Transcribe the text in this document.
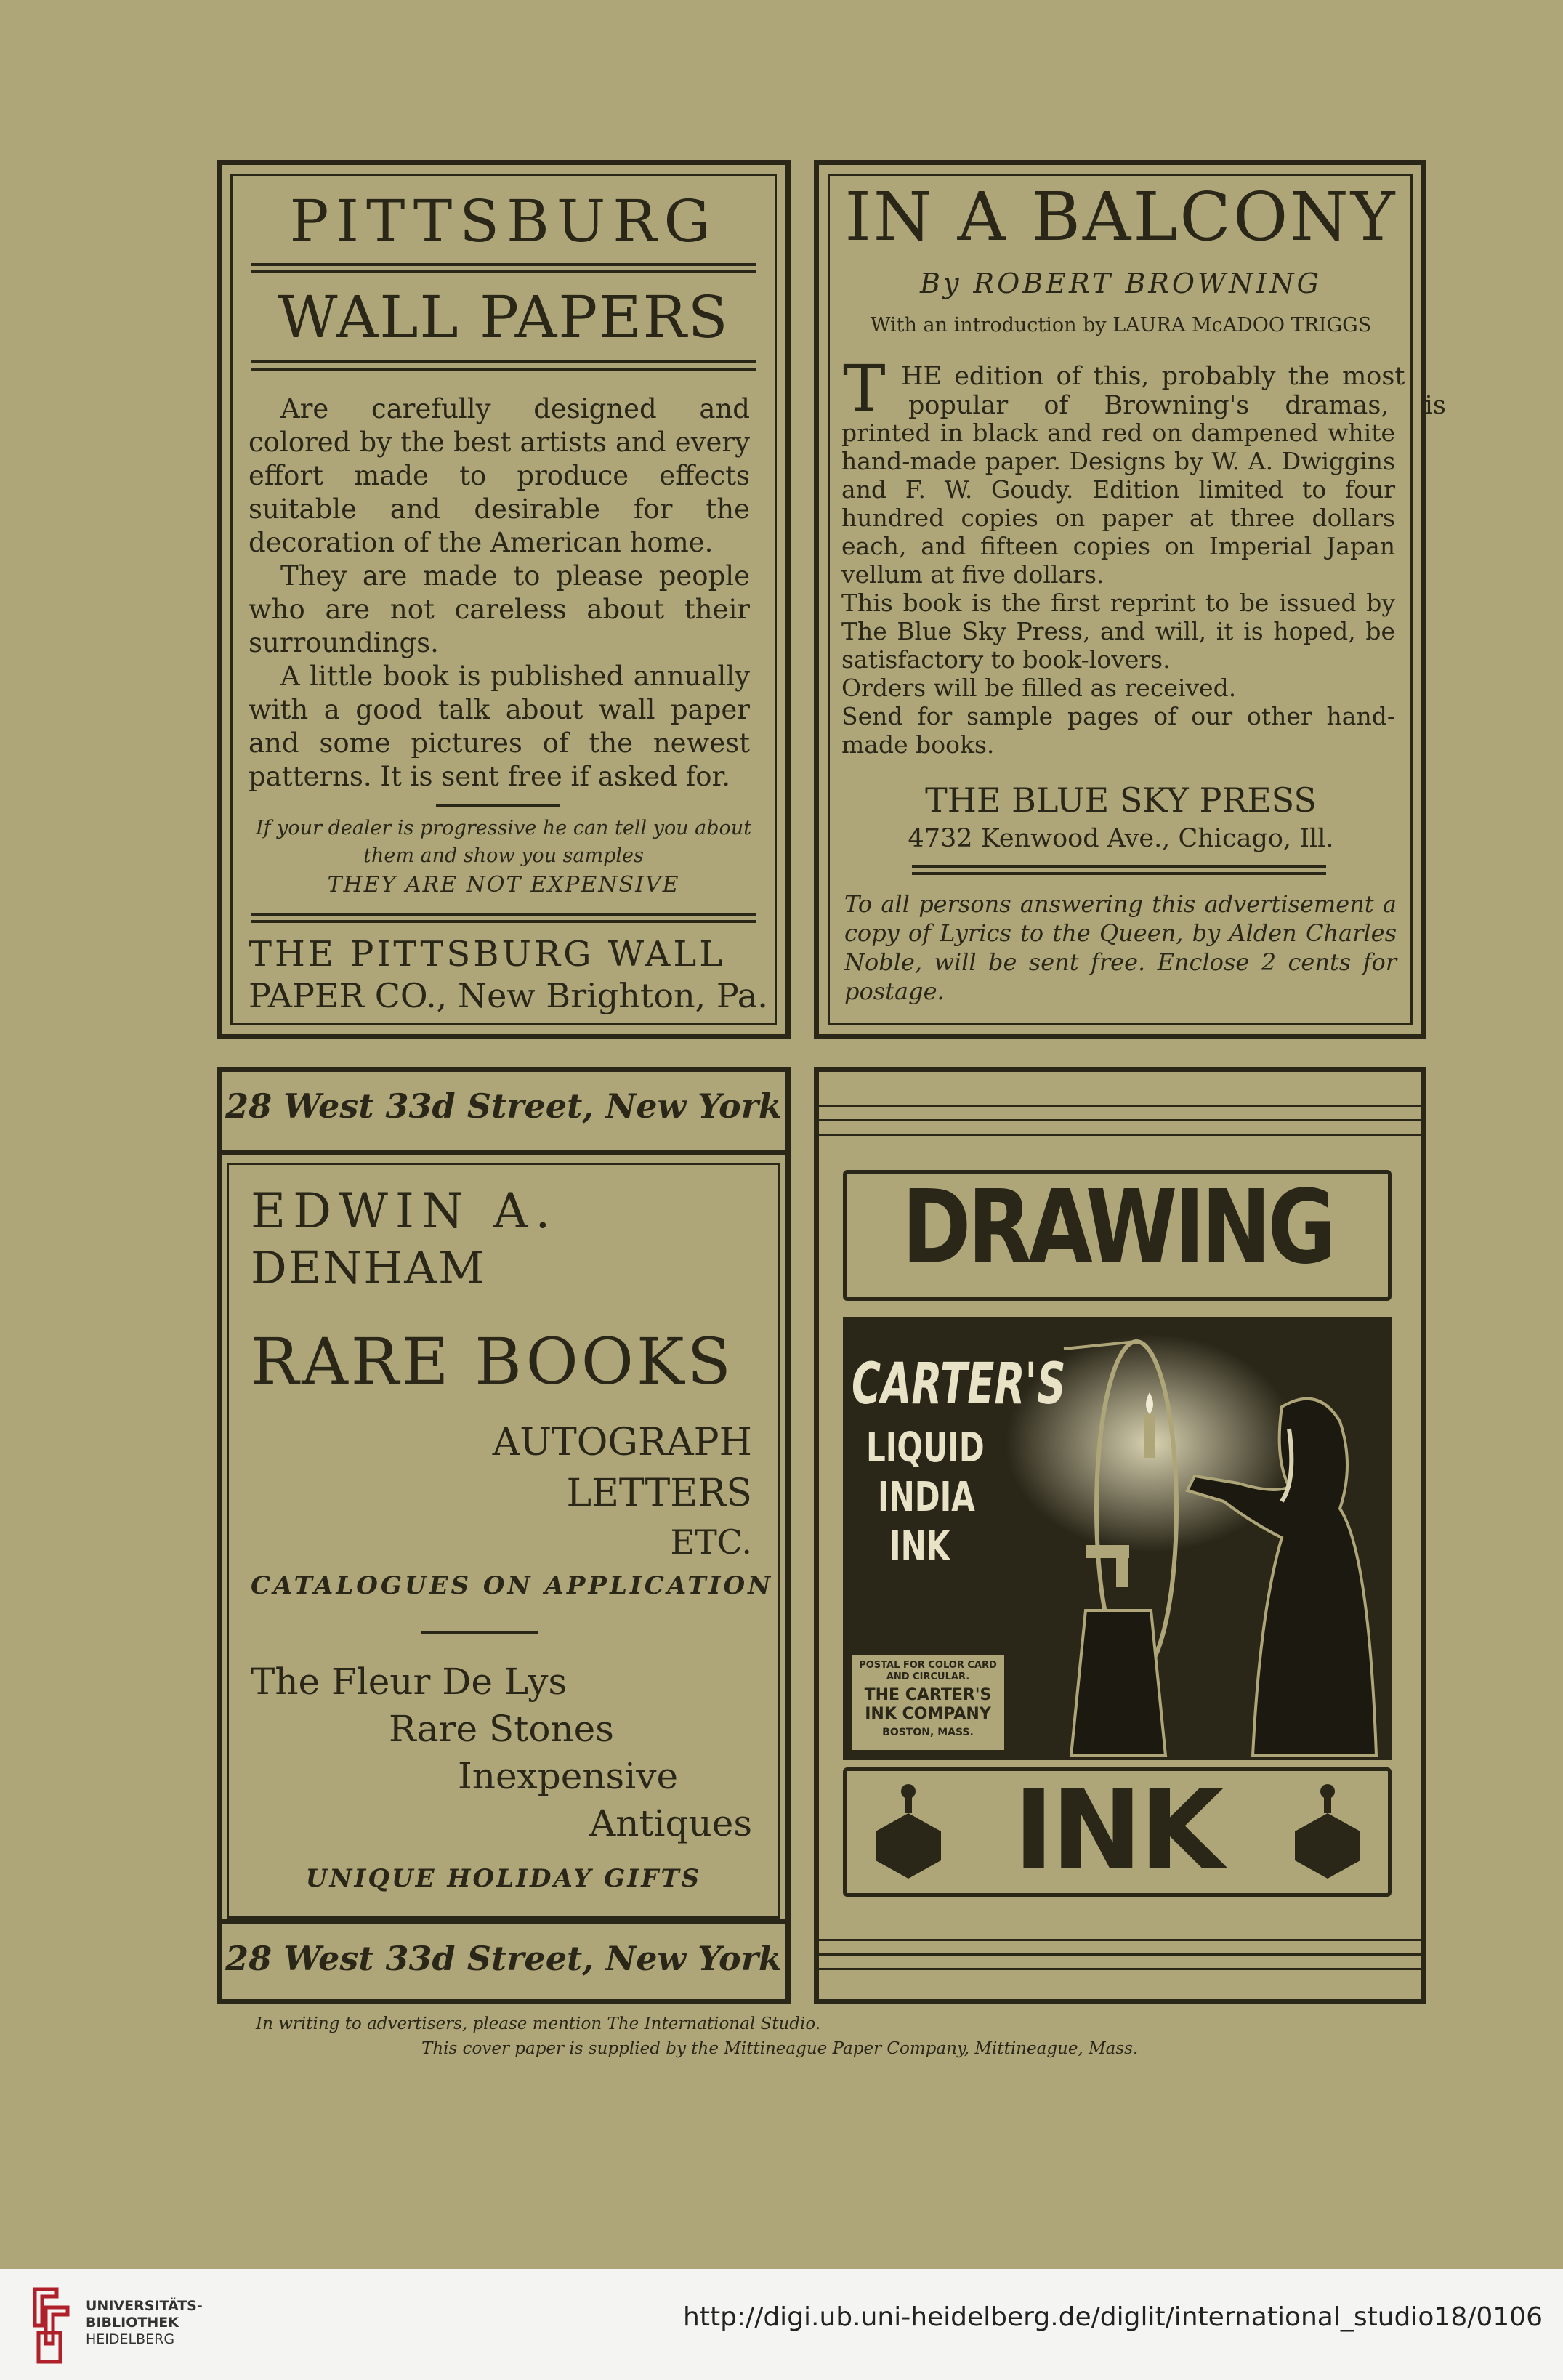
PITTSBURG
WALL PAPERS

Are carefully designed and colored by the best artists and every effort made to produce effects suitable and desirable for the decoration of the American home.

They are made to please people who are not careless about their surroundings.

A little book is published annually with a good talk about wall paper and some pictures of the newest patterns. It is sent free if asked for.

If your dealer is progressive he can tell you about
them and show you samples
THEY ARE NOT EXPENSIVE
THE PITTSBURG WALL
PAPER CO., New Brighton, Pa.
IN A BALCONY
By ROBERT BROWNING
With an introduction by LAURA McADOO TRIGGS
T HE edition of this, probably the most
popular of Browning's dramas, is

printed in black and red on dampened white hand-made paper. Designs by W. A. Dwiggins and F. W. Goudy. Edition limited to four hundred copies on paper at three dollars each, and fifteen copies on Imperial Japan vellum at five dollars.

This book is the first reprint to be issued by The Blue Sky Press, and will, it is hoped, be satisfactory to book-lovers.

Orders will be filled as received.

Send for sample pages of our other hand-made books.

THE BLUE SKY PRESS
4732 Kenwood Ave., Chicago, Ill.
To all persons answering this advertisement a copy of Lyrics to the Queen, by Alden Charles Noble, will be sent free. Enclose 2 cents for postage.
28 West 33d Street, New York
EDWIN A.
DENHAM
RARE BOOKS
AUTOGRAPH
LETTERS
ETC.
CATALOGUES ON APPLICATION
The Fleur De Lys
Rare Stones
Inexpensive
Antiques
UNIQUE HOLIDAY GIFTS
28 West 33d Street, New York
DRAWING
CARTER'S
LIQUID
INDIA
INK
POSTAL FOR COLOR CARD
AND CIRCULAR.
THE CARTER'S
INK COMPANY
BOSTON, MASS.
INK
In writing to advertisers, please mention The International Studio.
This cover paper is supplied by the Mittineague Paper Company, Mittineague, Mass.
UNIVERSITÄTS-
BIBLIOTHEK
HEIDELBERG
http://digi.ub.uni-heidelberg.de/diglit/international_studio18/0106
